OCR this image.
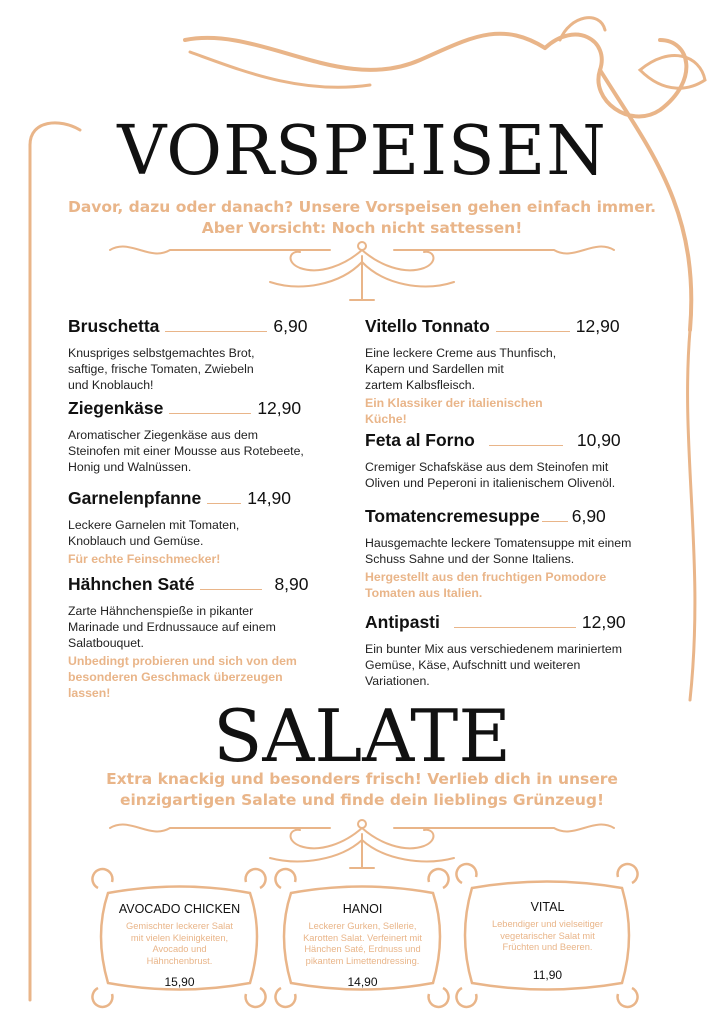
VORSPEISEN

Davor, dazu oder danach? Unsere Vorspeisen gehen einfach immer.
Aber Vorsicht: Noch nicht sattessen!

Bruschetta	6,90
Knuspriges selbstgemachtes Brot,
saftige, frische Tomaten, Zwiebeln
und Knoblauch!
Ziegenkäse	12,90
Aromatischer Ziegenkäse aus dem
Steinofen mit einer Mousse aus Rotebeete,
Honig und Walnüssen.
Garnelenpfanne	14,90
Leckere Garnelen mit Tomaten,
Knoblauch und Gemüse.
Für echte Feinschmecker!
Hähnchen Saté	8,90
Zarte Hähnchenspieße in pikanter
Marinade und Erdnussauce auf einem
Salatbouquet.
Unbedingt probieren und sich von dem
besonderen Geschmack überzeugen
lassen!
Vitello Tonnato	12,90
Eine leckere Creme aus Thunfisch,
Kapern und Sardellen mit
zartem Kalbsfleisch.
Ein Klassiker der italienischen
Küche!
Feta al Forno	10,90
Cremiger Schafskäse aus dem Steinofen mit
Oliven und Peperoni in italienischem Olivenöl.
Tomatencremesuppe 6,90
Hausgemachte leckere Tomatensuppe mit einem
Schuss Sahne und der Sonne Italiens.
Hergestellt aus den fruchtigen Pomodore
Tomaten aus Italien.
Antipasti	12,90
Ein bunter Mix aus verschiedenem mariniertem
Gemüse, Käse, Aufschnitt und weiteren
Variationen.
SALATE

Extra knackig und besonders frisch! Verlieb dich in unsere
einzigartigen Salate und finde dein lieblings Grünzeug!

AVOCADO CHICKEN

Gemischter leckerer Salat
mit vielen Kleinigkeiten,
Avocado und
Hähnchenbrust.
15,90

HANOI

Leckerer Gurken, Sellerie,
Karotten Salat. Verfeinert mit
Hänchen Saté, Erdnuss und
pikantem Limettendressing.
14,90

VITAL

Lebendiger und vielseitiger
vegetarischer Salat mit
Früchten und Beeren.
11,90
